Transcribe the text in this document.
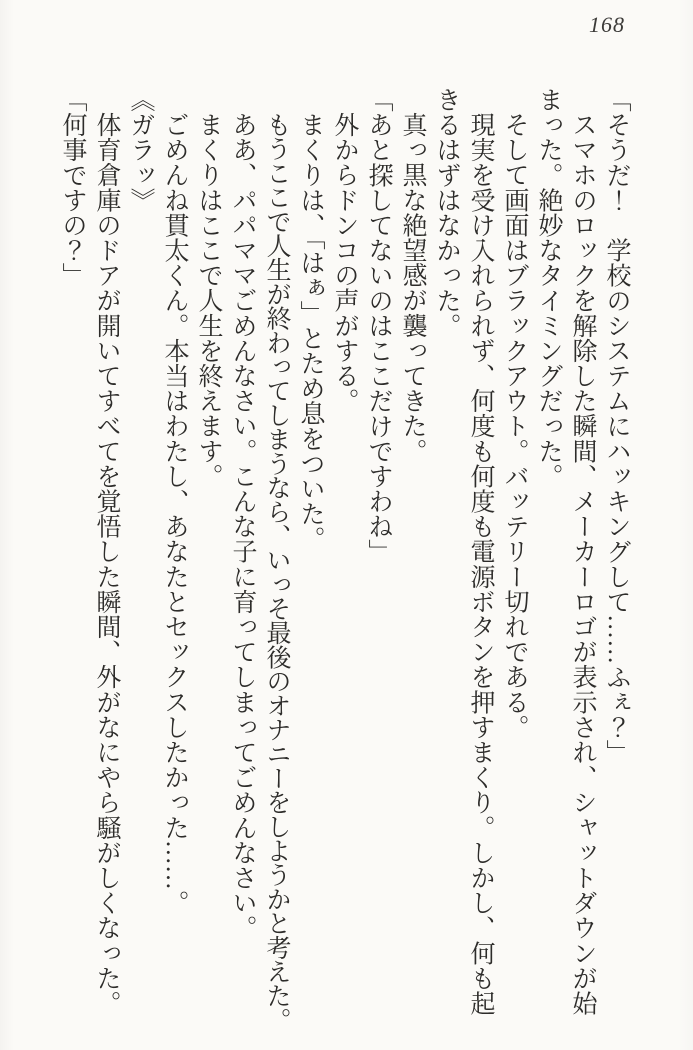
168

「そうだ！　学校のシステムにハッキングして……ふぇ？」

スマホのロックを解除した瞬間、メーカーロゴが表示され、シャットダウンが始まった。絶妙なタイミングだった。

そして画面はブラックアウト。バッテリー切れである。

現実を受け入れられず、何度も何度も電源ボタンを押すまくり。しかし、何も起きるはずはなかった。

真っ黒な絶望感が襲ってきた。

「あと探してないのはここだけですわね」

外からドンコの声がする。

まくりは、「はぁ」とため息をついた。

もうここで人生が終わってしまうなら、いっそ最後のオナニーをしようかと考えた。

ああ、パパママごめんなさい。こんな子に育ってしまってごめんなさい。

まくりはここで人生を終えます。

ごめんね貫太くん。本当はわたし、あなたとセックスしたかった……。

《ガラッ》

体育倉庫のドアが開いてすべてを覚悟した瞬間、外がなにやら騒がしくなった。

「何事ですの？」
